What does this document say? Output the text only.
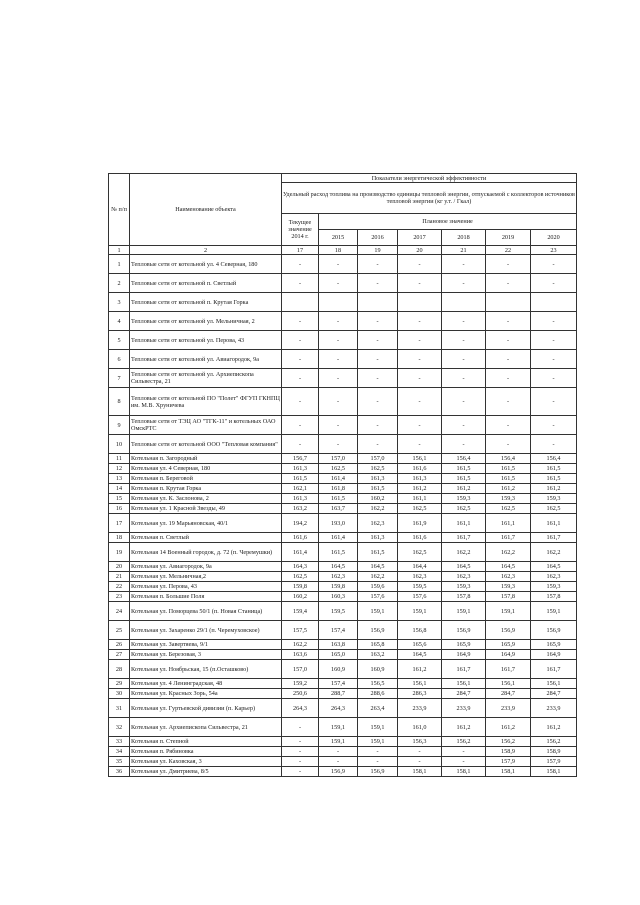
№ п/п	Наименование объекта	Показатели энергетической эффективности						
		Удельный расход топлива на производство единицы тепловой энергии, отпускаемой с коллекторов источников тепловой энергии (кг у.т. / Гкал)						
		Текущее значение 2014 г.	Плановое значение					
			2015	2016	2017	2018	2019	2020
1	2	17	18	19	20	21	22	23
1	Тепловые сети от котельной ул. 4 Северная, 180	-	-	-	-	-	-	-
2	Тепловые сети от котельной п. Светлый	-	-	-	-	-	-	-
3	Тепловые сети от котельной п. Крутая Горка							
4	Тепловые сети от котельной ул. Мельничная, 2	-	-	-	-	-	-	-
5	Тепловые сети от котельной ул. Перова, 43	-	-	-	-	-	-	-
6	Тепловые сети от котельной ул. Авиагородок, 9а	-	-	-	-	-	-	-
7	Тепловые сети от котельной ул. Архиепископа Сильвестра, 21	-	-	-	-	-	-	-
8	Тепловые сети от котельной ПО "Полет" ФГУП ГКНПЦ им. М.В. Хруничева	-	-	-	-	-	-	-
9	Тепловые сети от ТЭЦ АО "ТГК-11" и котельных ОАО ОмскРТС	-	-	-	-	-	-	-
10	Тепловые сети от котельной ООО "Тепловая компания"	-	-	-	-	-	-	-
11	Котельная п. Загородный	156,7	157,0	157,0	156,1	156,4	156,4	156,4
12	Котельная ул. 4 Северная, 180	161,3	162,5	162,5	161,6	161,5	161,5	161,5
13	Котельная п. Береговой	161,5	161,4	161,3	161,3	161,5	161,5	161,5
14	Котельная п. Крутая Горка	162,1	161,8	161,5	161,2	161,2	161,2	161,2
15	Котельная ул. К. Заслонова, 2	161,3	161,5	160,2	161,1	159,3	159,3	159,3
16	Котельная ул. 1 Красной Звезды, 49	163,2	163,7	162,2	162,5	162,5	162,5	162,5
17	Котельная ул. 19 Марьяновская, 40/1	194,2	193,0	162,3	161,9	161,1	161,1	161,1
18	Котельная п. Светлый	161,6	161,4	161,3	161,6	161,7	161,7	161,7
19	Котельная 14 Военный городок, д. 72 (п. Черемушки)	161,4	161,5	161,5	162,5	162,2	162,2	162,2
20	Котельная ул. Авиагородок, 9а	164,3	164,5	164,5	164,4	164,5	164,5	164,5
21	Котельная ул. Мельничная,2	162,5	162,3	162,2	162,3	162,3	162,3	162,3
22	Котельная ул. Перова, 43	159,8	159,8	159,6	159,5	159,3	159,3	159,3
23	Котельная п. Большие Поля	160,2	160,3	157,6	157,6	157,8	157,8	157,8
24	Котельная ул. Поморцева 50/1 (п. Новая Станица)	159,4	159,5	159,1	159,1	159,1	159,1	159,1
25	Котельная ул. Захаренко 29/1 (п. Черемуховское)	157,5	157,4	156,9	156,8	156,9	156,9	156,9
26	Котельная ул. Завертяева, 9/1	162,2	163,8	165,8	165,6	165,9	165,9	165,9
27	Котельная ул. Березовая, 3	163,6	165,0	163,2	164,5	164,9	164,9	164,9
28	Котельная ул. Ноябрьская, 15 (п.Осташково)	157,0	160,9	160,9	161,2	161,7	161,7	161,7
29	Котельная ул. 4 Ленинградская, 48	159,2	157,4	156,5	156,1	156,1	156,1	156,1
30	Котельная ул. Красных Зорь, 54а	250,6	288,7	288,6	286,3	284,7	284,7	284,7
31	Котельная ул. Гуртьевской дивизии (п. Карьер)	264,3	264,3	263,4	233,9	233,9	233,9	233,9
32	Котельная ул. Архиепископа Сильвестра, 21	-	159,1	159,1	161,0	161,2	161,2	161,2
33	Котельная п. Степной	-	159,1	159,1	156,3	156,2	156,2	156,2
34	Котельная п. Рябиновка	-	-	-	-	-	158,9	158,9
35	Котельная ул. Каховская, 3	-	-	-	-	-	157,9	157,9
36	Котельная ул. Дмитриева, 8/5	-	156,9	156,9	158,1	158,1	158,1	158,1
